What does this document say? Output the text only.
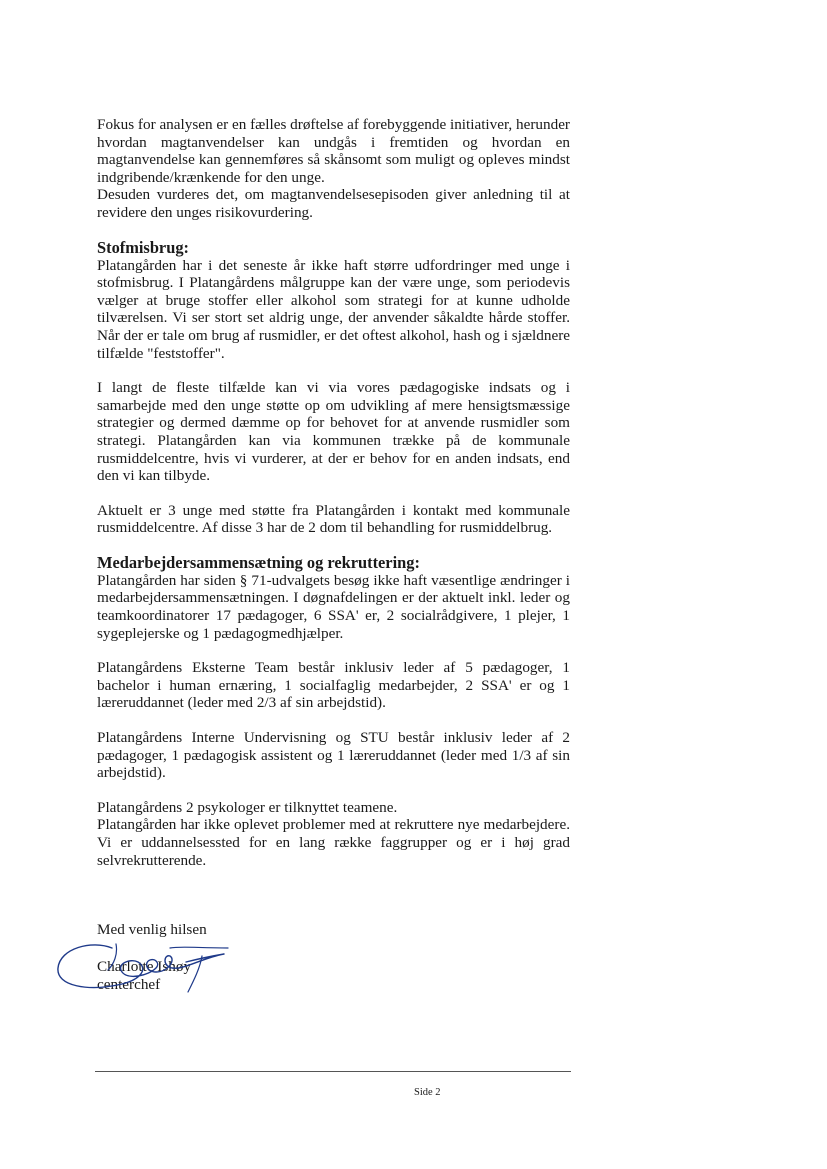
Fokus for analysen er en fælles drøftelse af forebyggende initiativer, herunder hvordan magtanvendelser kan undgås i fremtiden og hvordan en magtanvendelse kan gennemføres så skånsomt som muligt og opleves mindst indgribende/krænkende for den unge.

Desuden vurderes det, om magtanvendelsesepisoden giver anledning til at revidere den unges risikovurdering.

Stofmisbrug:

Platangården har i det seneste år ikke haft større udfordringer med unge i stofmisbrug. I Platangårdens målgruppe kan der være unge, som periodevis vælger at bruge stoffer eller alkohol som strategi for at kunne udholde tilværelsen. Vi ser stort set aldrig unge, der anvender såkaldte hårde stoffer. Når der er tale om brug af rusmidler, er det oftest alkohol, hash og i sjældnere tilfælde "feststoffer".

I langt de fleste tilfælde kan vi via vores pædagogiske indsats og i samarbejde med den unge støtte op om udvikling af mere hensigtsmæssige strategier og dermed dæmme op for behovet for at anvende rusmidler som strategi. Platangården kan via kommunen trække på de kommunale rusmiddelcentre, hvis vi vurderer, at der er behov for en anden indsats, end den vi kan tilbyde.

Aktuelt er 3 unge med støtte fra Platangården i kontakt med kommunale rusmiddelcentre. Af disse 3 har de 2 dom til behandling for rusmiddelbrug.

Medarbejdersammensætning og rekruttering:

Platangården har siden § 71-udvalgets besøg ikke haft væsentlige ændringer i medarbejdersammensætningen. I døgnafdelingen er der aktuelt inkl. leder og teamkoordinatorer 17 pædagoger, 6 SSA' er, 2 socialrådgivere, 1 plejer, 1 sygeplejerske og 1 pædagogmedhjælper.

Platangårdens Eksterne Team består inklusiv leder af 5 pædagoger, 1 bachelor i human ernæring, 1 socialfaglig medarbejder, 2 SSA' er og 1 læreruddannet (leder med 2/3 af sin arbejdstid).

Platangårdens Interne Undervisning og STU består inklusiv leder af 2 pædagoger, 1 pædagogisk assistent og 1 læreruddannet (leder med 1/3 af sin arbejdstid).

Platangårdens 2 psykologer er tilknyttet teamene.

Platangården har ikke oplevet problemer med at rekruttere nye medarbejdere. Vi er uddannelsessted for en lang række faggrupper og er i høj grad selvrekrutterende.

Med venlig hilsen
Charlotte Ishøy
centerchef
Side 2
